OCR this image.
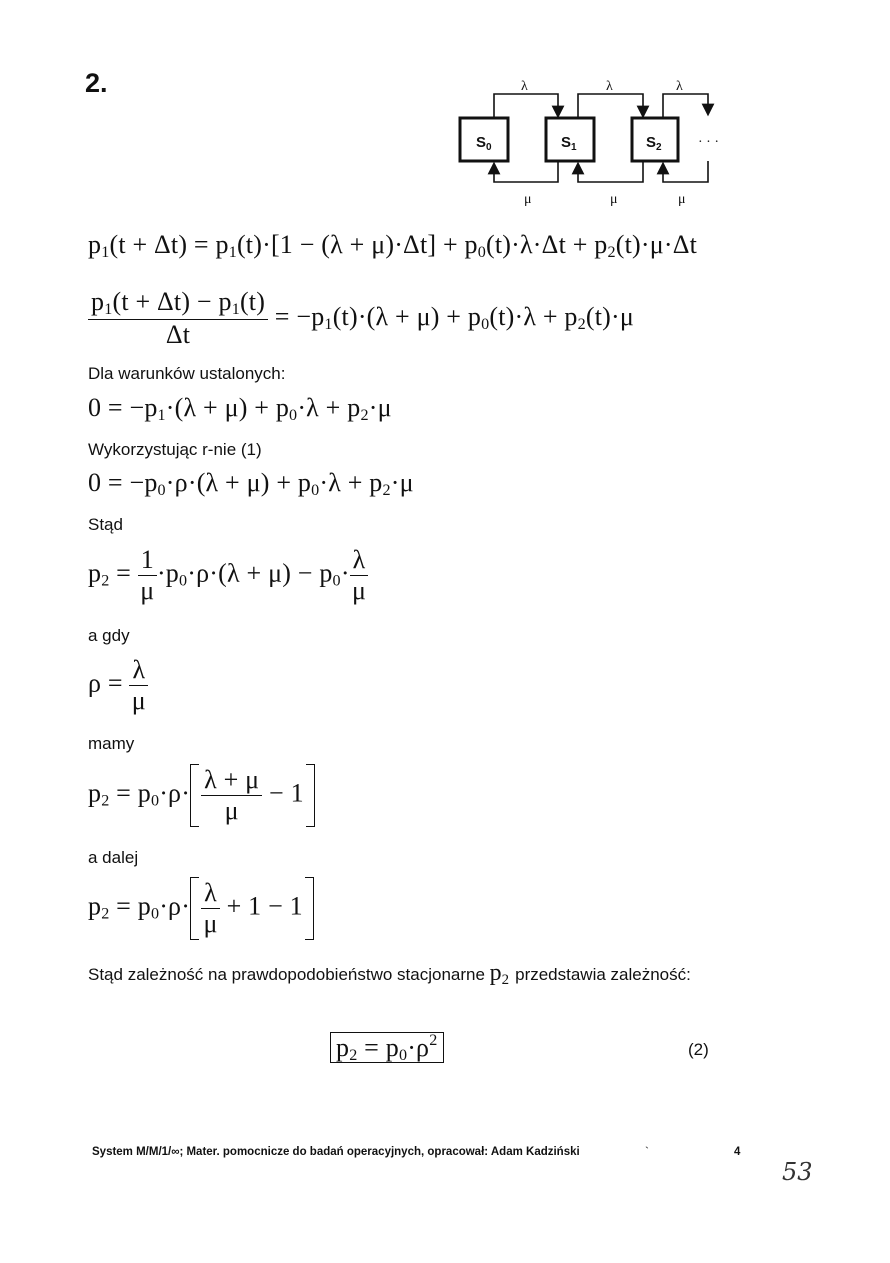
2.
$S_0$	$S_1$	$S_2$
λ	λ	λ
μ	μ	μ
· · ·
$p_1(t + \Delta t) = p_1(t)\cdot[1 - (\lambda + \mu)\cdot\Delta t] + p_0(t)\cdot\lambda\cdot\Delta t + p_2(t)\cdot\mu\cdot\Delta t$
$\frac{p_1(t + \Delta t) - p_1(t)}{\Delta t} = -p_1(t)\cdot(\lambda + \mu) + p_0(t)\cdot\lambda + p_2(t)\cdot\mu$
Dla warunków ustalonych:
$0 = -p_1\cdot(\lambda + \mu) + p_0\cdot\lambda + p_2\cdot\mu$
Wykorzystując r-nie (1)
$0 = -p_0\cdot\rho\cdot(\lambda + \mu) + p_0\cdot\lambda + p_2\cdot\mu$
Stąd
$p_2 = \frac{1}{\mu} \cdot p_0\cdot\rho\cdot(\lambda + \mu) - p_0\cdot \frac{\lambda}{\mu}$
a gdy
$\rho = \frac{\lambda}{\mu}$
mamy
$p_2 = p_0\cdot\rho\cdot \frac{\lambda + \mu}{\mu} - 1$
a dalej
$p_2 = p_0\cdot\rho\cdot \frac{\lambda}{\mu} + 1 - 1$
Stąd zależność na prawdopodobieństwo stacjonarne $p_2$ przedstawia zależność:
$p_2 = p_0\cdot\rho^2$	(2)
System M/M/1/∞; Mater. pomocnicze do badań operacyjnych, opracował: Adam Kadziński	`	4
53
